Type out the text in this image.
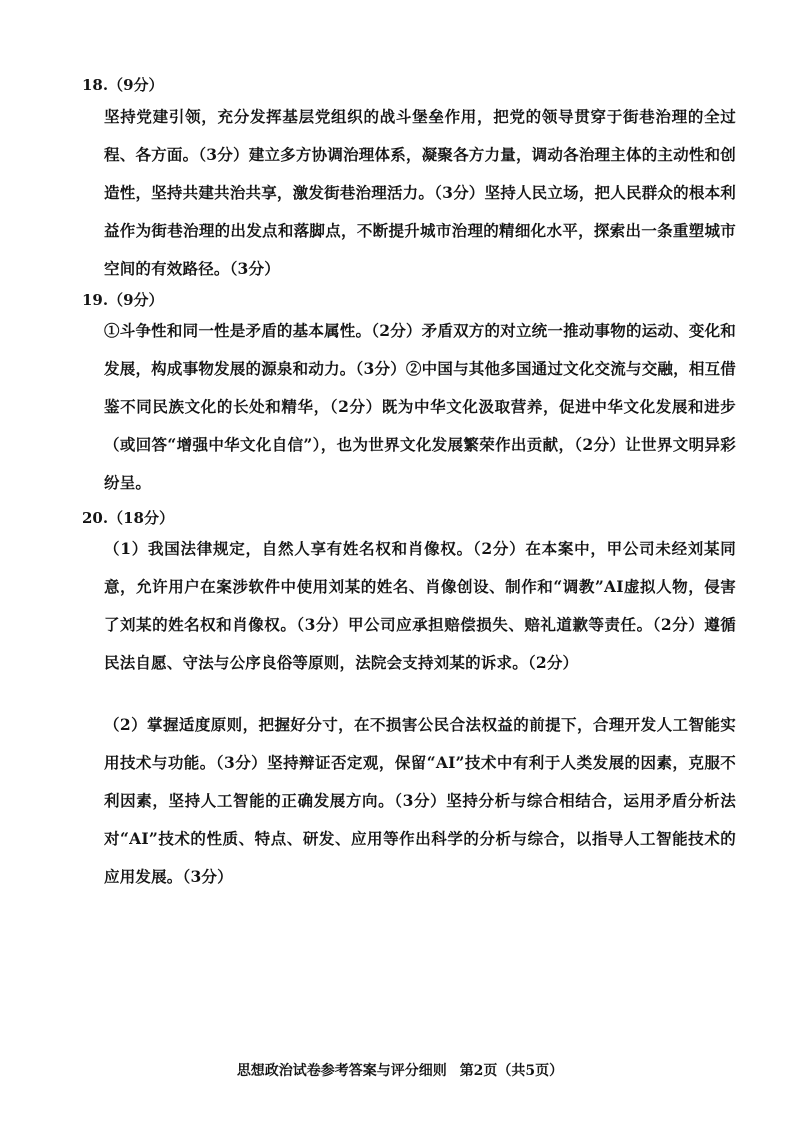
18.（9分）
坚持党建引领，充分发挥基层党组织的战斗堡垒作用，把党的领导贯穿于街巷治理的全过程、各方面。（3分）建立多方协调治理体系，凝聚各方力量，调动各治理主体的主动性和创造性，坚持共建共治共享，激发街巷治理活力。（3分）坚持人民立场，把人民群众的根本利益作为街巷治理的出发点和落脚点，不断提升城市治理的精细化水平，探索出一条重塑城市空间的有效路径。（3分）
19.（9分）
①斗争性和同一性是矛盾的基本属性。（2分）矛盾双方的对立统一推动事物的运动、变化和发展，构成事物发展的源泉和动力。（3分）②中国与其他多国通过文化交流与交融，相互借鉴不同民族文化的长处和精华，（2分）既为中华文化汲取营养，促进中华文化发展和进步（或回答“增强中华文化自信”），也为世界文化发展繁荣作出贡献，（2分）让世界文明异彩纷呈。
20.（18分）
（1）我国法律规定，自然人享有姓名权和肖像权。（2分）在本案中，甲公司未经刘某同意，允许用户在案涉软件中使用刘某的姓名、肖像创设、制作和“调教”AI虚拟人物，侵害了刘某的姓名权和肖像权。（3分）甲公司应承担赔偿损失、赔礼道歉等责任。（2分）遵循民法自愿、守法与公序良俗等原则，法院会支持刘某的诉求。（2分）
（2）掌握适度原则，把握好分寸，在不损害公民合法权益的前提下，合理开发人工智能实用技术与功能。（3分）坚持辩证否定观，保留“AI”技术中有利于人类发展的因素，克服不利因素，坚持人工智能的正确发展方向。（3分）坚持分析与综合相结合，运用矛盾分析法对“AI”技术的性质、特点、研发、应用等作出科学的分析与综合，以指导人工智能技术的应用发展。（3分）
思想政治试卷参考答案与评分细则 第2页（共5页）
